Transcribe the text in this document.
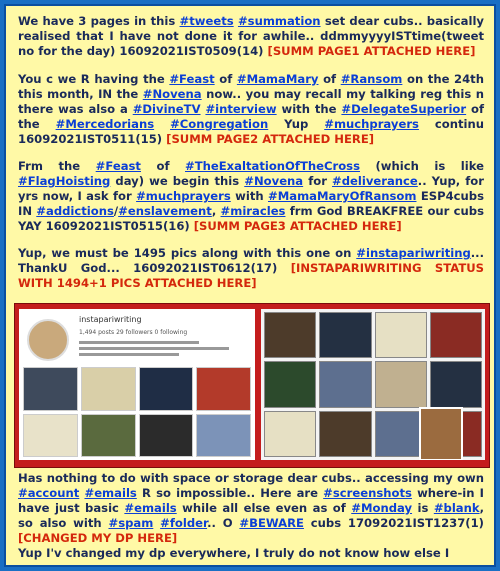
We have 3 pages in this #tweets #summation set dear cubs.. basically realised that I have not done it for awhile.. ddmmyyyyISTtime(tweet no for the day) 16092021IST0509(14) [SUMM PAGE1 ATTACHED HERE]

You c we R having the #Feast of #MamaMary of #Ransom on the 24th this month, IN the #Novena now.. you may recall my talking reg this n there was also a #DivineTV #interview with the #DelegateSuperior of the #Mercedorians #Congregation Yup #muchprayers continu 16092021IST0511(15) [SUMM PAGE2 ATTACHED HERE]

Frm the #Feast of #TheExaltationOfTheCross (which is like #FlagHoisting day) we begin this #Novena for #deliverance.. Yup, for yrs now, I ask for #muchprayers with #MamaMaryOfRansom ESP4cubs IN #addictions/#enslavement, #miracles frm God BREAKFREE our cubs YAY 16092021IST0515(16) [SUMM PAGE3 ATTACHED HERE]

Yup, we must be 1495 pics along with this one on #instapariwriting... ThankU God... 16092021IST0612(17) [INSTAPARIWRITING STATUS WITH 1494+1 PICS ATTACHED HERE]

instapariwriting
1,494 posts 29 followers 0 following

Has nothing to do with space or storage dear cubs.. accessing my own #account #emails R so impossible.. Here are #screenshots where-in I have just basic #emails while all else even as of #Monday is #blank, so also with #spam #folder.. O #BEWARE cubs 17092021IST1237(1) [CHANGED MY DP HERE]

Yup I'v changed my dp everywhere, I truly do not know how else I
